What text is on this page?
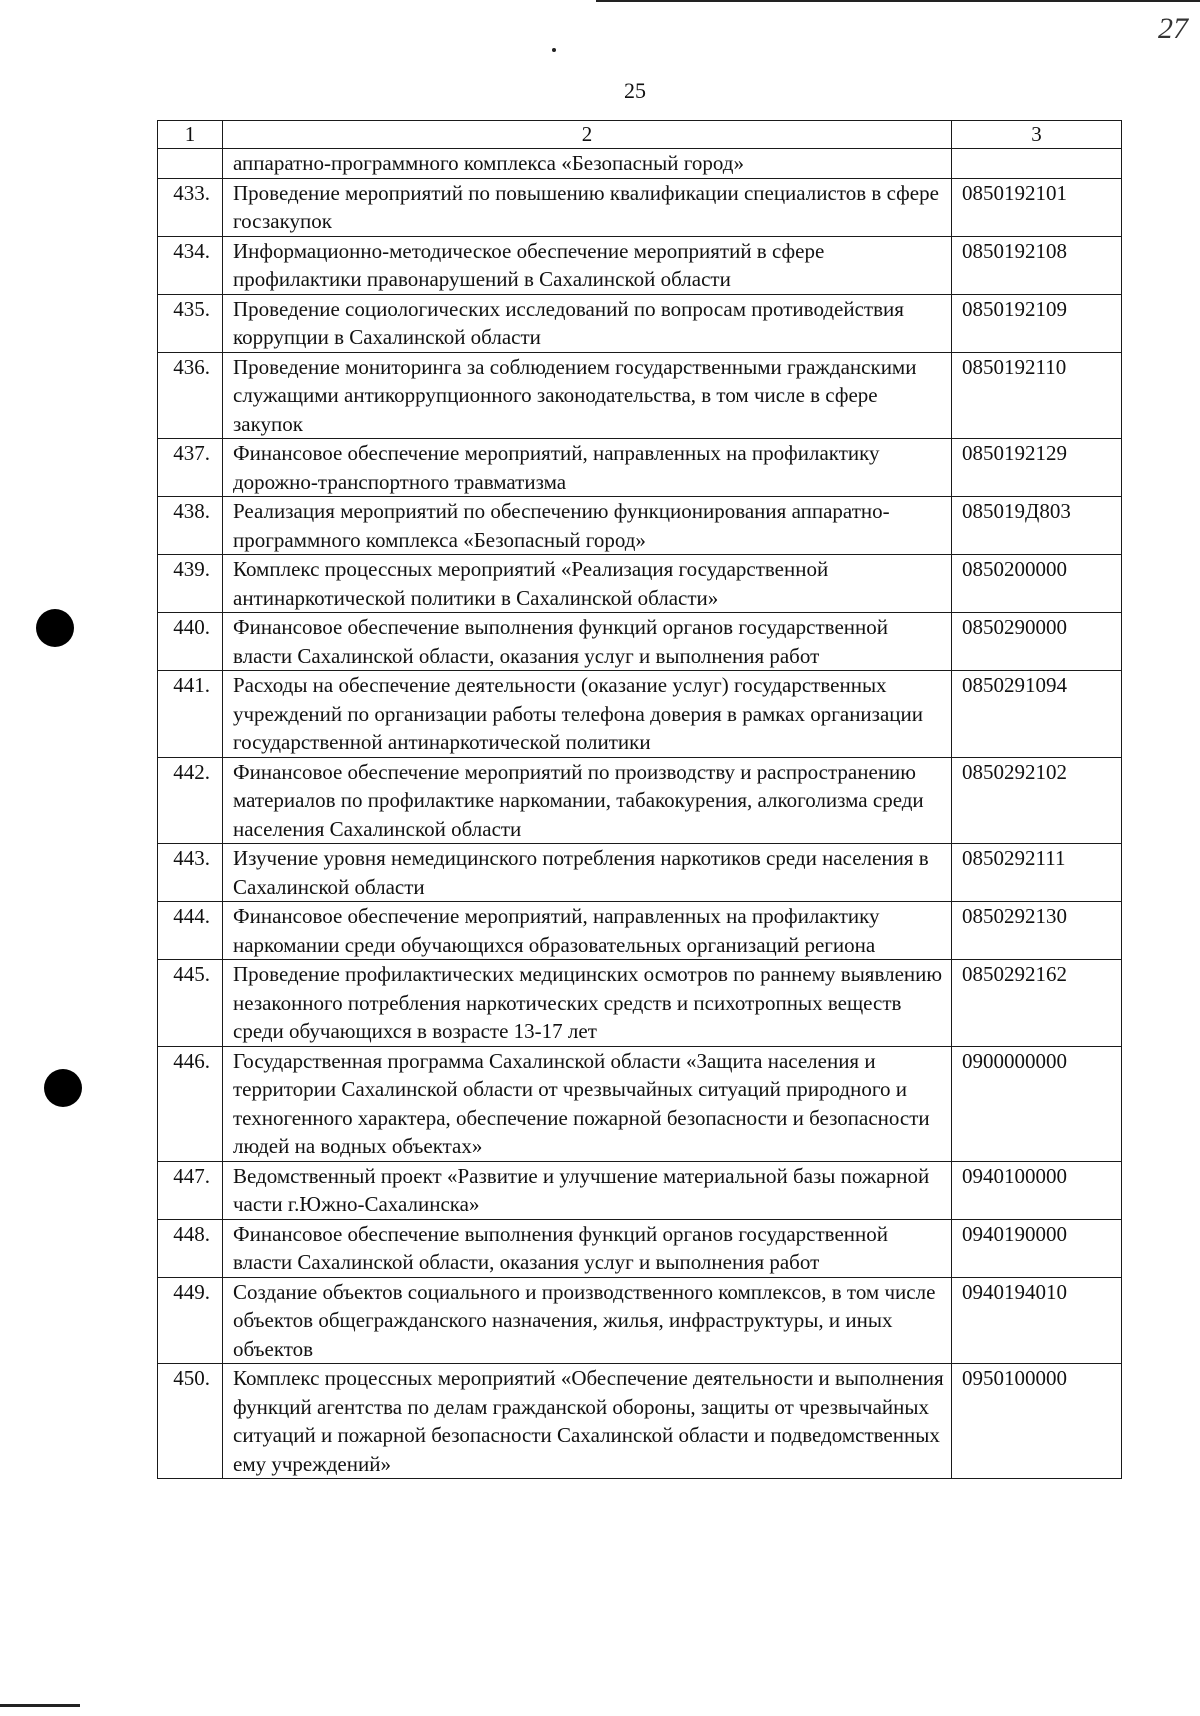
27
25
1	2	3
	аппаратно-программного комплекса «Безопасный город»	
433.	Проведение мероприятий по повышению квалификации специалистов в сфере госзакупок	0850192101
434.	Информационно-методическое обеспечение мероприятий в сфере профилактики правонарушений в Сахалинской области	0850192108
435.	Проведение социологических исследований по вопросам противодействия коррупции в Сахалинской области	0850192109
436.	Проведение мониторинга за соблюдением государственными гражданскими служащими антикоррупционного законодательства, в том числе в сфере закупок	0850192110
437.	Финансовое обеспечение мероприятий, направленных на профилактику дорожно-транспортного травматизма	0850192129
438.	Реализация мероприятий по обеспечению функционирования аппаратно-программного комплекса «Безопасный город»	085019Д803
439.	Комплекс процессных мероприятий «Реализация государственной антинаркотической политики в Сахалинской области»	0850200000
440.	Финансовое обеспечение выполнения функций органов государственной власти Сахалинской области, оказания услуг и выполнения работ	0850290000
441.	Расходы на обеспечение деятельности (оказание услуг) государственных учреждений по организации работы телефона доверия в рамках организации государственной антинаркотической политики	0850291094
442.	Финансовое обеспечение мероприятий по производству и распространению материалов по профилактике наркомании, табакокурения, алкоголизма среди населения Сахалинской области	0850292102
443.	Изучение уровня немедицинского потребления наркотиков среди населения в Сахалинской области	0850292111
444.	Финансовое обеспечение мероприятий, направленных на профилактику наркомании среди обучающихся образовательных организаций региона	0850292130
445.	Проведение профилактических медицинских осмотров по раннему выявлению незаконного потребления наркотических средств и психотропных веществ среди обучающихся в возрасте 13-17 лет	0850292162
446.	Государственная программа Сахалинской области «Защита населения и территории Сахалинской области от чрезвычайных ситуаций природного и техногенного характера, обеспечение пожарной безопасности и безопасности людей на водных объектах»	0900000000
447.	Ведомственный проект «Развитие и улучшение материальной базы пожарной части г.Южно-Сахалинска»	0940100000
448.	Финансовое обеспечение выполнения функций органов государственной власти Сахалинской области, оказания услуг и выполнения работ	0940190000
449.	Создание объектов социального и производственного комплексов, в том числе объектов общегражданского назначения, жилья, инфраструктуры, и иных объектов	0940194010
450.	Комплекс процессных мероприятий «Обеспечение деятельности и выполнения функций агентства по делам гражданской обороны, защиты от чрезвычайных ситуаций и пожарной безопасности Сахалинской области и подведомственных ему учреждений»	0950100000
